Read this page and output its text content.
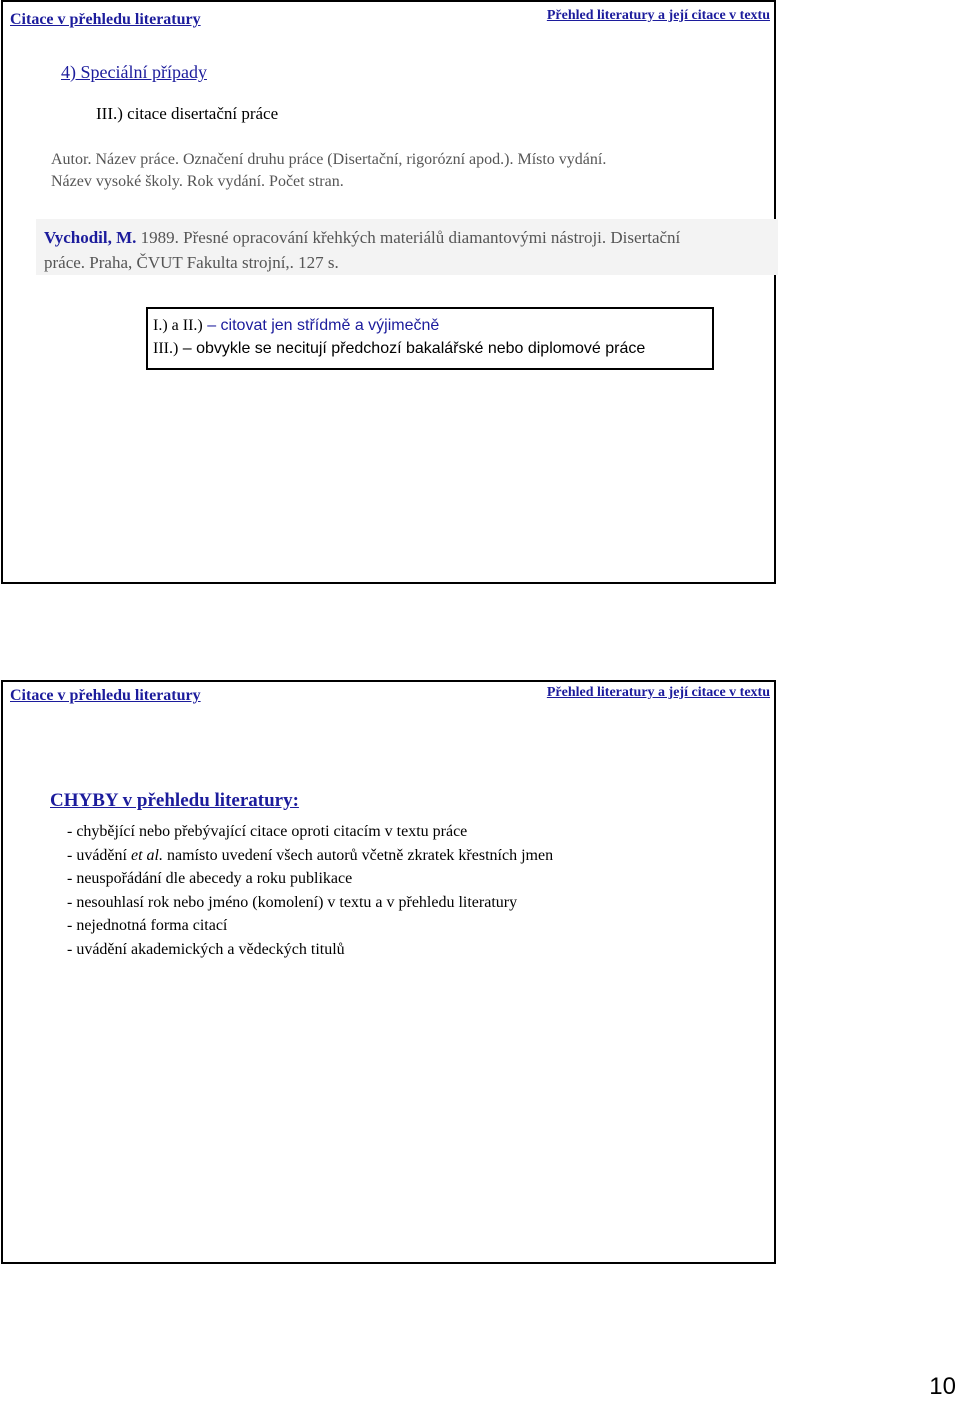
Citace v přehledu literatury	Přehled literatury a její citace v textu
4) Speciální případy
III.) citace disertační práce
Autor. Název práce. Označení druhu práce (Disertační, rigorózní apod.). Místo vydání.
Název vysoké školy. Rok vydání. Počet stran.
Vychodil, M. 1989. Přesné opracování křehkých materiálů diamantovými nástroji. Disertační
práce. Praha, ČVUT Fakulta strojní,. 127 s.
I.) a II.) – citovat jen střídmě a výjimečně
III.) – obvykle se necitují předchozí bakalářské nebo diplomové práce
Citace v přehledu literatury	Přehled literatury a její citace v textu
CHYBY v přehledu literatury:
- chybějící nebo přebývající citace oproti citacím v textu práce
- uvádění et al. namísto uvedení všech autorů včetně zkratek křestních jmen
- neuspořádání dle abecedy a roku publikace
- nesouhlasí rok nebo jméno (komolení) v textu a v přehledu literatury
- nejednotná forma citací
- uvádění akademických a vědeckých titulů
10
